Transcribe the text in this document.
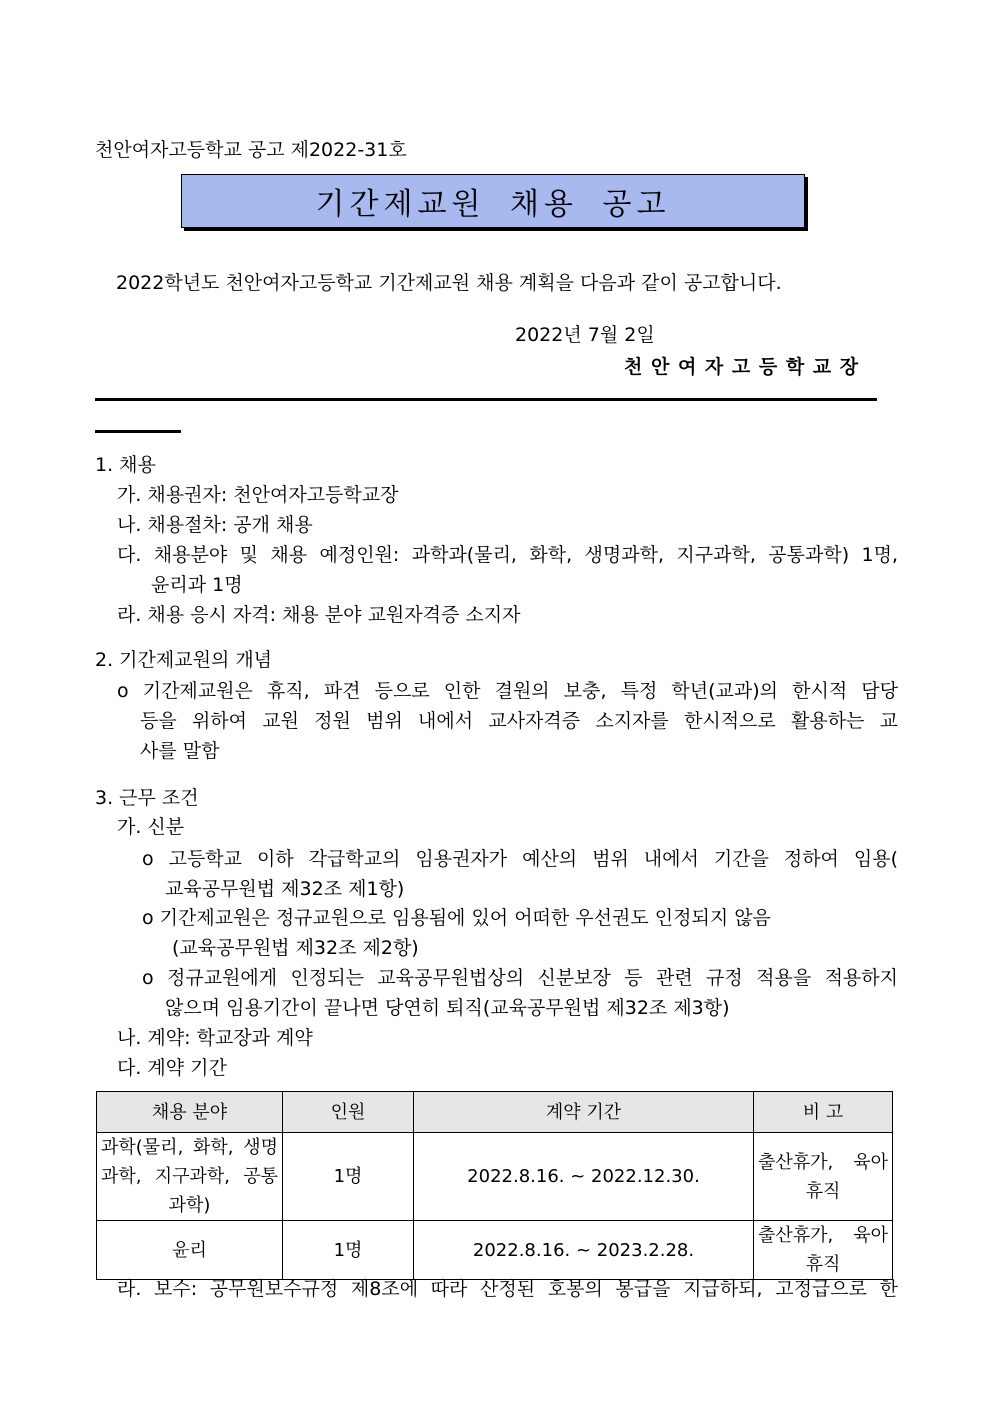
천안여자고등학교 공고 제2022-31호
기간제교원 채용 공고
2022학년도 천안여자고등학교 기간제교원 채용 계획을 다음과 같이 공고합니다.
2022년 7월 2일
천 안 여 자 고 등 학 교 장
1. 채용
가. 채용권자: 천안여자고등학교장
나. 채용절차: 공개 채용
다. 채용분야 및 채용 예정인원: 과학과(물리, 화학, 생명과학, 지구과학, 공통과학) 1명,
윤리과 1명
라. 채용 응시 자격: 채용 분야 교원자격증 소지자
2. 기간제교원의 개념
o 기간제교원은 휴직, 파견 등으로 인한 결원의 보충, 특정 학년(교과)의 한시적 담당
등을 위하여 교원 정원 범위 내에서 교사자격증 소지자를 한시적으로 활용하는 교
사를 말함
3. 근무 조건
가. 신분
o 고등학교 이하 각급학교의 임용권자가 예산의 범위 내에서 기간을 정하여 임용(
교육공무원법 제32조 제1항)
o 기간제교원은 정규교원으로 임용됨에 있어 어떠한 우선권도 인정되지 않음
(교육공무원법 제32조 제2항)
o 정규교원에게 인정되는 교육공무원법상의 신분보장 등 관련 규정 적용을 적용하지
않으며 임용기간이 끝나면 당연히 퇴직(교육공무원법 제32조 제3항)
나. 계약: 학교장과 계약
다. 계약 기간
채용 분야	인원	계약 기간	비 고
과학(물리, 화학, 생명과학, 지구과학, 공통과학)	1명	2022.8.16. ~ 2022.12.30.	출산휴가, 육아휴직
윤리	1명	2022.8.16. ~ 2023.2.28.	출산휴가, 육아휴직
라. 보수: 공무원보수규정 제8조에 따라 산정된 호봉의 봉급을 지급하되, 고정급으로 한
